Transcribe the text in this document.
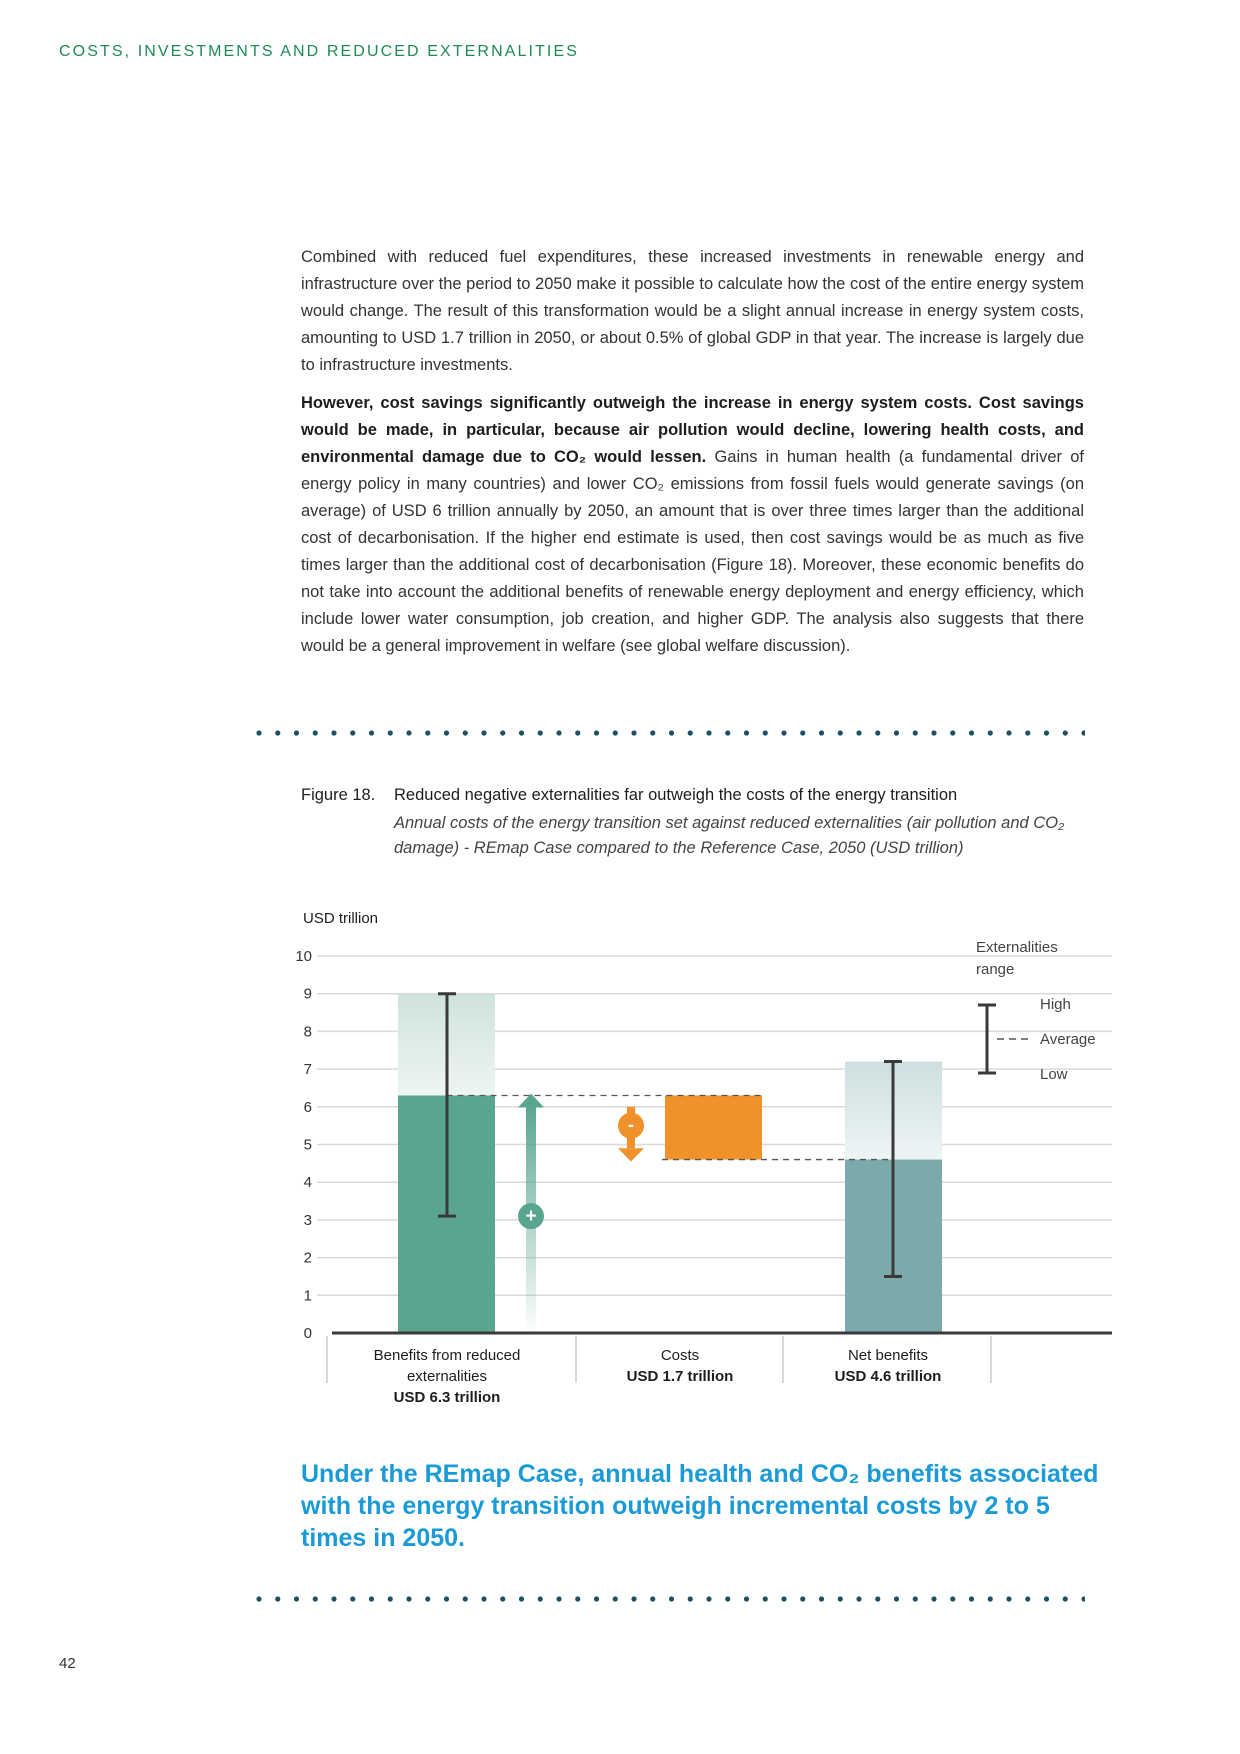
COSTS, INVESTMENTS AND REDUCED EXTERNALITIES

Combined with reduced fuel expenditures, these increased investments in renewable energy and infrastructure over the period to 2050 make it possible to calculate how the cost of the entire energy system would change. The result of this transformation would be a slight annual increase in energy system costs, amounting to USD 1.7 trillion in 2050, or about 0.5% of global GDP in that year. The increase is largely due to infrastructure investments.

However, cost savings significantly outweigh the increase in energy system costs. Cost savings would be made, in particular, because air pollution would decline, lowering health costs, and environmental damage due to CO₂ would lessen. Gains in human health (a fundamental driver of energy policy in many countries) and lower CO₂ emissions from fossil fuels would generate savings (on average) of USD 6 trillion annually by 2050, an amount that is over three times larger than the additional cost of decarbonisation. If the higher end estimate is used, then cost savings would be as much as five times larger than the additional cost of decarbonisation (Figure 18). Moreover, these economic benefits do not take into account the additional benefits of renewable energy deployment and energy efficiency, which include lower water consumption, job creation, and higher GDP. The analysis also suggests that there would be a general improvement in welfare (see global welfare discussion).

Figure 18. Reduced negative externalities far outweigh the costs of the energy transition
Annual costs of the energy transition set against reduced externalities (air pollution and CO₂ damage) - REmap Case compared to the Reference Case, 2050 (USD trillion)
USD trillion
0
1
2
3
4
5
6
7
8
9
10
+
-
Benefits from reduced
externalities
USD 6.3 trillion
Costs
USD 1.7 trillion
Net benefits
USD 4.6 trillion
Externalities
range
High
Average
Low
Under the REmap Case, annual health and CO₂ benefits associated with the energy transition outweigh incremental costs by 2 to 5 times in 2050.
42
